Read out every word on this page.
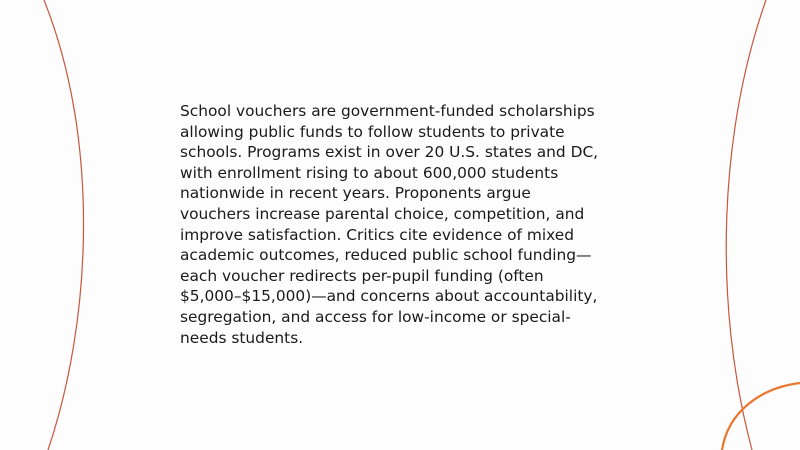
School vouchers are government-funded scholarships
allowing public funds to follow students to private
schools. Programs exist in over 20 U.S. states and DC,
with enrollment rising to about 600,000 students
nationwide in recent years. Proponents argue
vouchers increase parental choice, competition, and
improve satisfaction. Critics cite evidence of mixed
academic outcomes, reduced public school funding—
each voucher redirects per-pupil funding (often
$5,000–$15,000)—and concerns about accountability,
segregation, and access for low-income or special-
needs students.
